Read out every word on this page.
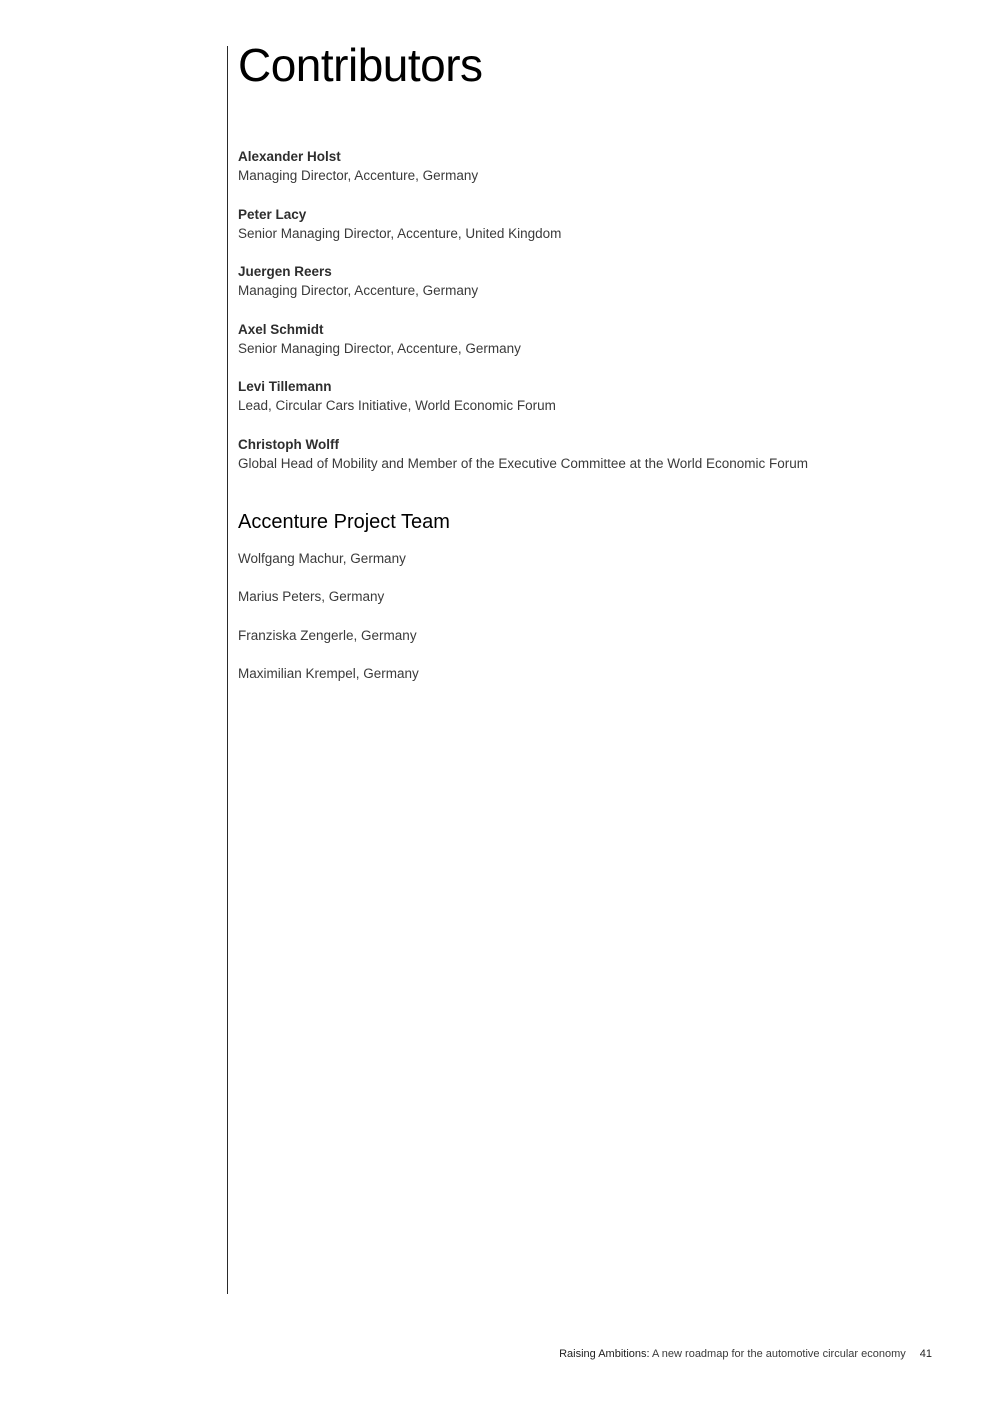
Contributors
Alexander Holst
Managing Director, Accenture, Germany
Peter Lacy
Senior Managing Director, Accenture, United Kingdom
Juergen Reers
Managing Director, Accenture, Germany
Axel Schmidt
Senior Managing Director, Accenture, Germany
Levi Tillemann
Lead, Circular Cars Initiative, World Economic Forum
Christoph Wolff
Global Head of Mobility and Member of the Executive Committee at the World Economic Forum
Accenture Project Team
Wolfgang Machur, Germany
Marius Peters, Germany
Franziska Zengerle, Germany
Maximilian Krempel, Germany
Raising Ambitions: A new roadmap for the automotive circular economy 41
